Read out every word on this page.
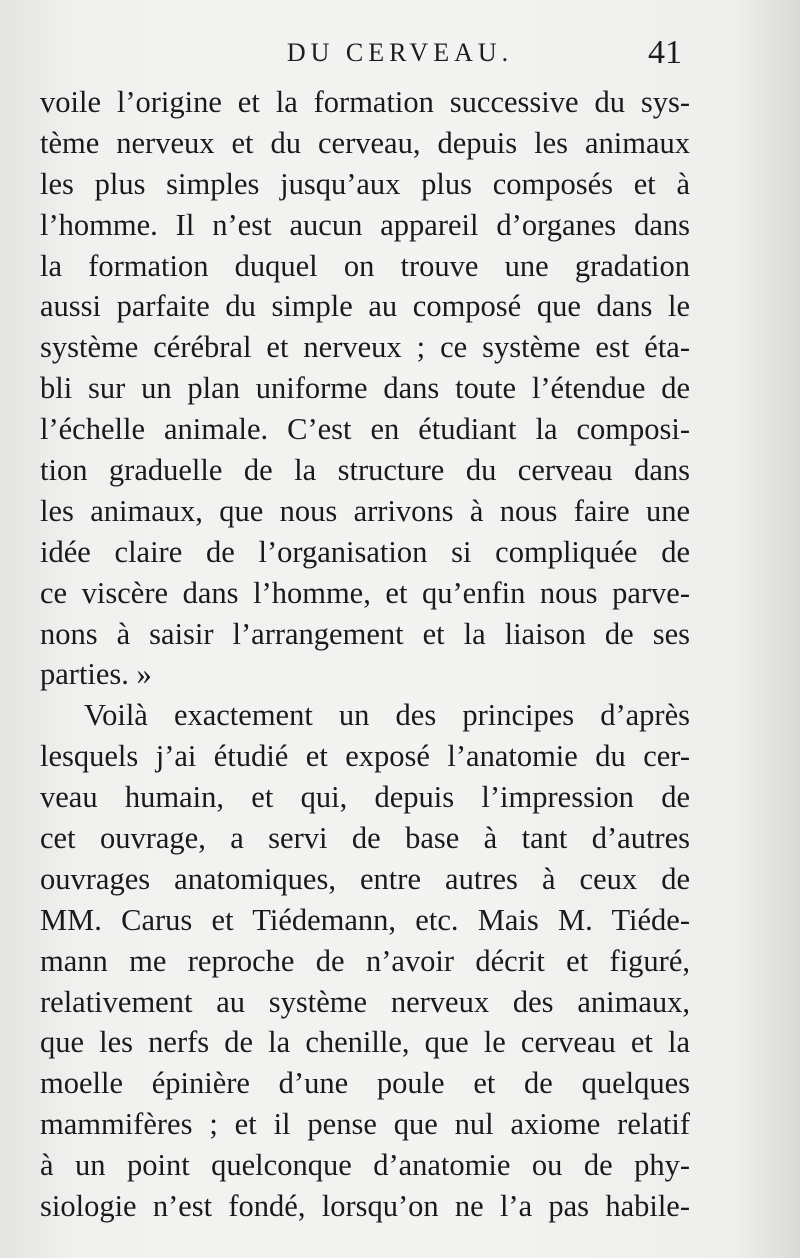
DU CERVEAU.	41
voile l’origine et la formation successive du sys-
tème nerveux et du cerveau, depuis les animaux
les plus simples jusqu’aux plus composés et à
l’homme. Il n’est aucun appareil d’organes dans
la formation duquel on trouve une gradation
aussi parfaite du simple au composé que dans le
système cérébral et nerveux ; ce système est éta-
bli sur un plan uniforme dans toute l’étendue de
l’échelle animale. C’est en étudiant la composi-
tion graduelle de la structure du cerveau dans
les animaux, que nous arrivons à nous faire une
idée claire de l’organisation si compliquée de
ce viscère dans l’homme, et qu’enfin nous parve-
nons à saisir l’arrangement et la liaison de ses
parties. »
Voilà exactement un des principes d’après
lesquels j’ai étudié et exposé l’anatomie du cer-
veau humain, et qui, depuis l’impression de
cet ouvrage, a servi de base à tant d’autres
ouvrages anatomiques, entre autres à ceux de
MM. Carus et Tiédemann, etc. Mais M. Tiéde-
mann me reproche de n’avoir décrit et figuré,
relativement au système nerveux des animaux,
que les nerfs de la chenille, que le cerveau et la
moelle épinière d’une poule et de quelques
mammifères ; et il pense que nul axiome relatif
à un point quelconque d’anatomie ou de phy-
siologie n’est fondé, lorsqu’on ne l’a pas habile-
